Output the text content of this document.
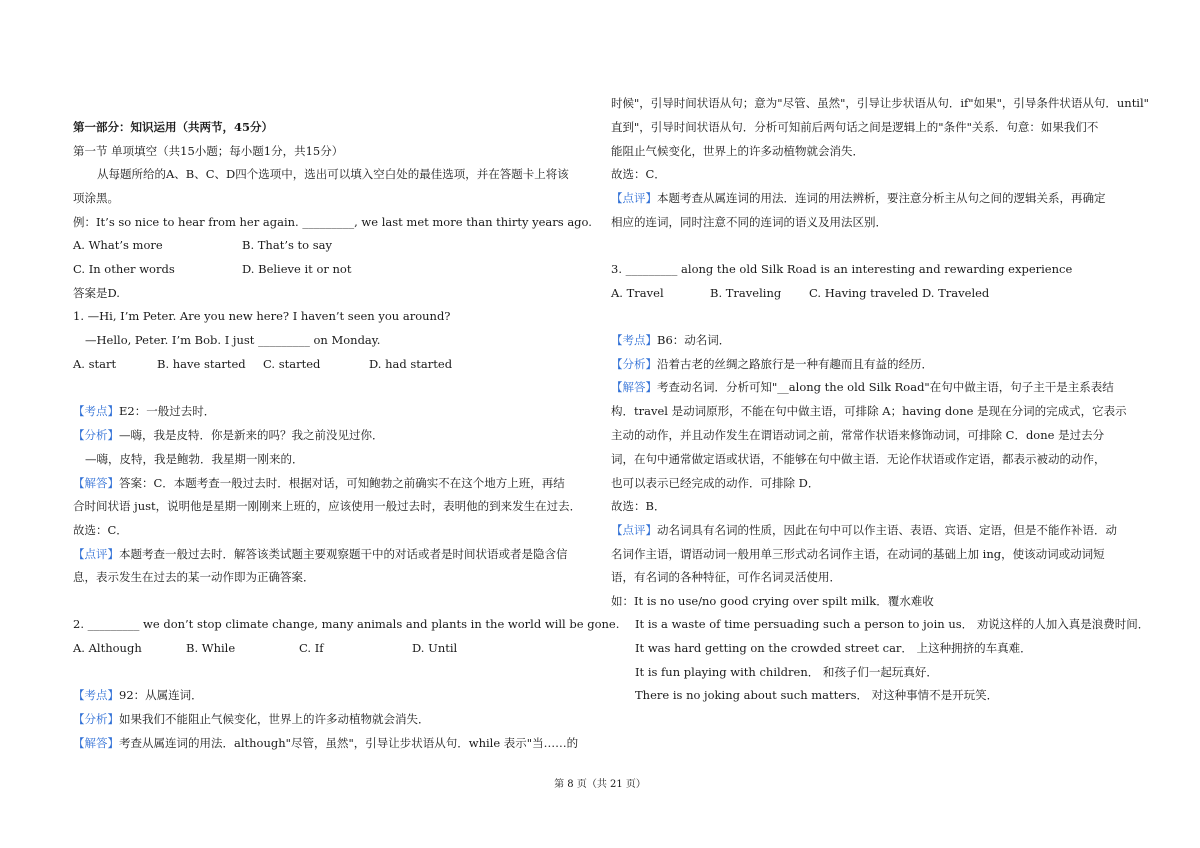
第一部分：知识运用（共两节，45分）
第一节 单项填空（共15小题；每小题1分，共15分）
从每题所给的A、B、C、D四个选项中，选出可以填入空白处的最佳选项，并在答题卡上将该
项涂黑。
例：It’s so nice to hear from her again. _________, we last met more than thirty years ago.
A. What’s more	B. That’s to say
C. In other words	D. Believe it or not
答案是D.
1. —Hi, I’m Peter. Are you new here? I haven’t seen you around?
—Hello, Peter. I’m Bob. I just _________ on Monday.
A. start	B. have started C. started	D. had started
【考点】E2：一般过去时．
【分析】—嗨，我是皮特．你是新来的吗？我之前没见过你．
—嗨，皮特，我是鲍勃．我星期一刚来的．
【解答】答案：C．本题考查一般过去时．根据对话，可知鲍勃之前确实不在这个地方上班，再结
合时间状语 just，说明他是星期一刚刚来上班的，应该使用一般过去时，表明他的到来发生在过去．
故选：C．
【点评】本题考查一般过去时．解答该类试题主要观察题干中的对话或者是时间状语或者是隐含信
息，表示发生在过去的某一动作即为正确答案．
2. _________ we don’t stop climate change, many animals and plants in the world will be gone.
A. Although	B. While	C. If	D. Until
【考点】92：从属连词．
【分析】如果我们不能阻止气候变化，世界上的许多动植物就会消失．
【解答】考查从属连词的用法．although"尽管，虽然"，引导让步状语从句．while 表示"当……的
时候"，引导时间状语从句；意为"尽管、虽然"，引导让步状语从句．if"如果"，引导条件状语从句．until"
直到"，引导时间状语从句．分析可知前后两句话之间是逻辑上的"条件"关系．句意：如果我们不
能阻止气候变化，世界上的许多动植物就会消失．
故选：C．
【点评】本题考查从属连词的用法．连词的用法辨析，要注意分析主从句之间的逻辑关系，再确定
相应的连词，同时注意不同的连词的语义及用法区别．
3. _________ along the old Silk Road is an interesting and rewarding experience
A. Travel	B. Traveling C. Having traveled D. Traveled
【考点】B6：动名词．
【分析】沿着古老的丝绸之路旅行是一种有趣而且有益的经历．
【解答】考查动名词．分析可知"__along the old Silk Road"在句中做主语，句子主干是主系表结
构．travel 是动词原形，不能在句中做主语，可排除 A；having done 是现在分词的完成式，它表示
主动的动作，并且动作发生在谓语动词之前，常常作状语来修饰动词，可排除 C．done 是过去分
词，在句中通常做定语或状语，不能够在句中做主语．无论作状语或作定语，都表示被动的动作，
也可以表示已经完成的动作．可排除 D．
故选：B．
【点评】动名词具有名词的性质，因此在句中可以作主语、表语、宾语、定语，但是不能作补语．动
名词作主语，谓语动词一般用单三形式动名词作主语，在动词的基础上加 ing，使该动词或动词短
语，有名词的各种特征，可作名词灵活使用．
如：It is no use/no good crying over spilt milk．覆水难收
It is a waste of time persuading such a person to join us． 劝说这样的人加入真是浪费时间．
It was hard getting on the crowded street car． 上这种拥挤的车真难．
It is fun playing with children． 和孩子们一起玩真好．
There is no joking about such matters． 对这种事情不是开玩笑．
第 8 页（共 21 页）
